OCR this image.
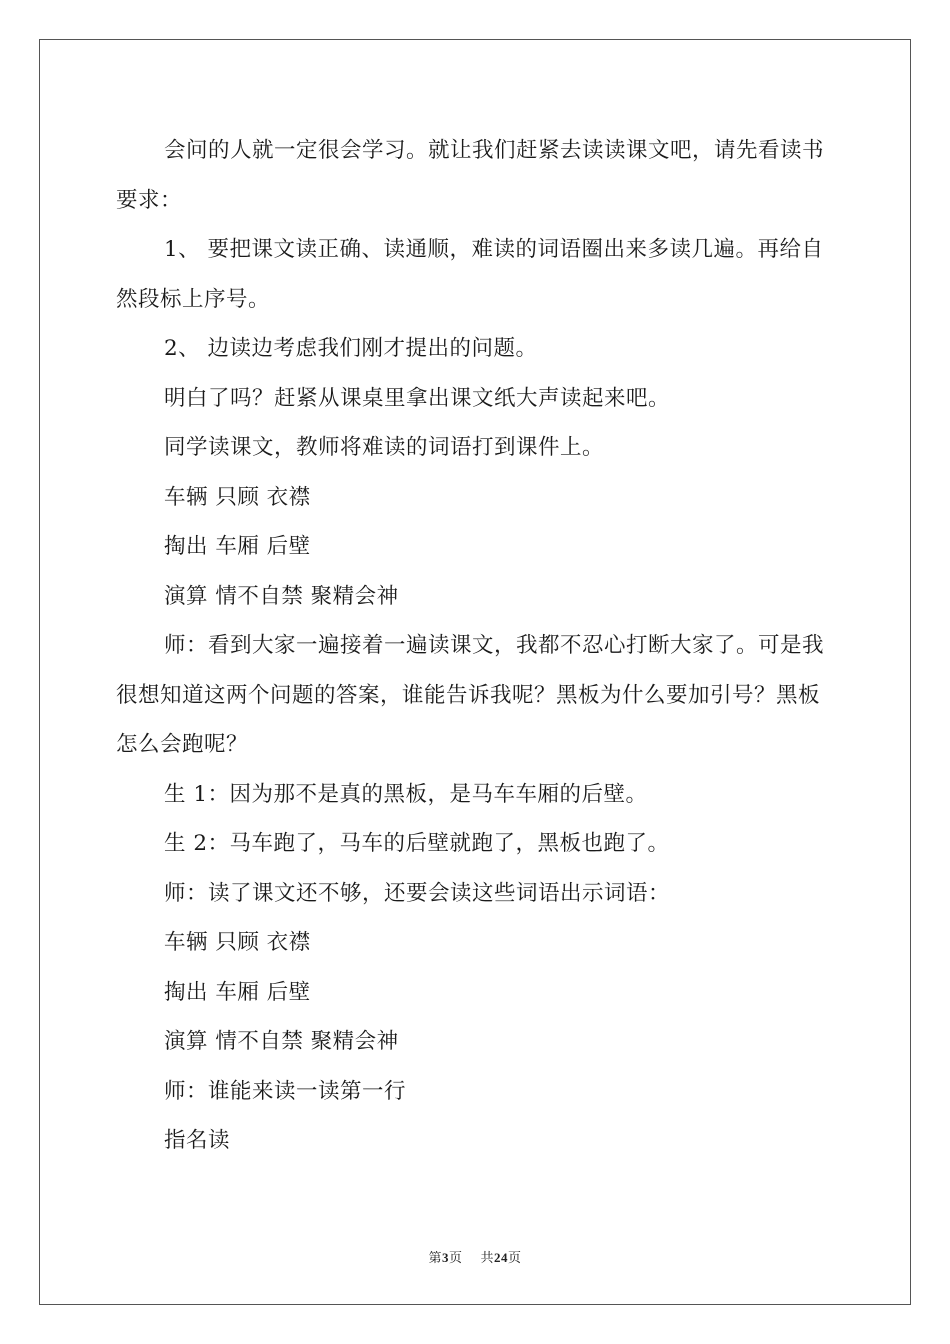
会问的人就一定很会学习。就让我们赶紧去读读课文吧，请先看读书要求：

1、 要把课文读正确、读通顺，难读的词语圈出来多读几遍。再给自然段标上序号。

2、 边读边考虑我们刚才提出的问题。

明白了吗？赶紧从课桌里拿出课文纸大声读起来吧。

同学读课文，教师将难读的词语打到课件上。

车辆 只顾 衣襟

掏出 车厢 后壁

演算 情不自禁 聚精会神

师：看到大家一遍接着一遍读课文，我都不忍心打断大家了。可是我很想知道这两个问题的答案，谁能告诉我呢？黑板为什么要加引号？黑板怎么会跑呢？

生 1：因为那不是真的黑板，是马车车厢的后壁。

生 2：马车跑了，马车的后壁就跑了，黑板也跑了。

师：读了课文还不够，还要会读这些词语出示词语：

车辆 只顾 衣襟

掏出 车厢 后壁

演算 情不自禁 聚精会神

师：谁能来读一读第一行

指名读

第3页 共24页
